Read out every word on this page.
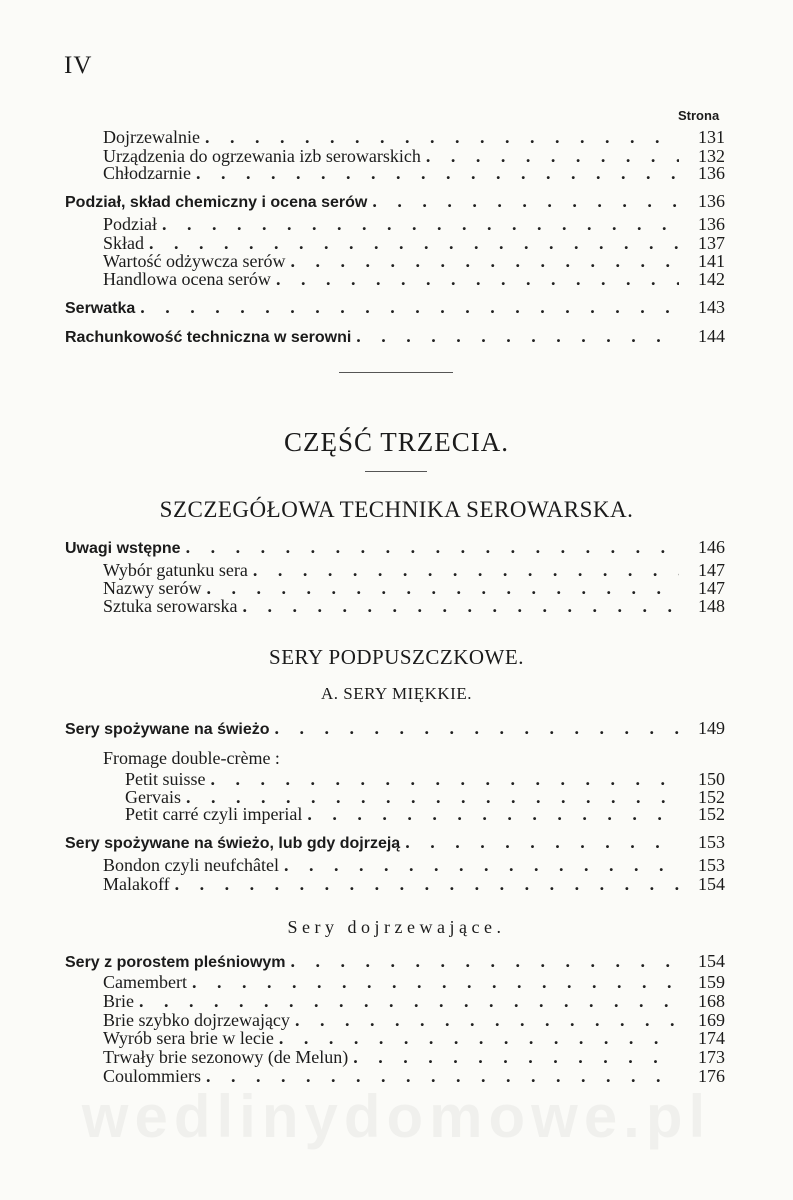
IV
Strona
Dojrzewalnie . . .	131
Urządzenia do ogrzewania izb serowarskich . . .	132
Chłodzarnie . . .	136
Podział, skład chemiczny i ocena serów . . .	136
Podział . . .	136
Skład . . .	137
Wartość odżywcza serów . . .	141
Handlowa ocena serów . . .	142
Serwatka . . .	143
Rachunkowość techniczna w serowni . . .	144
CZĘŚĆ TRZECIA.
SZCZEGÓŁOWA TECHNIKA SEROWARSKA.
Uwagi wstępne . . .	146
Wybór gatunku sera . . .	147
Nazwy serów . . .	147
Sztuka serowarska . . .	148
SERY PODPUSZCZKOWE.
A. SERY MIĘKKIE.
Sery spożywane na świeżo . . .	149
Fromage double-crème :
Petit suisse . . .	150
Gervais . . .	152
Petit carré czyli imperial . . .	152
Sery spożywane na świeżo, lub gdy dojrzeją . . .	153
Bondon czyli neufchâtel . . .	153
Malakoff . . .	154
Sery dojrzewające.
Sery z porostem pleśniowym . . .	154
Camembert . . .	159
Brie . . .	168
Brie szybko dojrzewający . . .	169
Wyrób sera brie w lecie . . .	174
Trwały brie sezonowy (de Melun) . . .	173
Coulommiers . . .	176
